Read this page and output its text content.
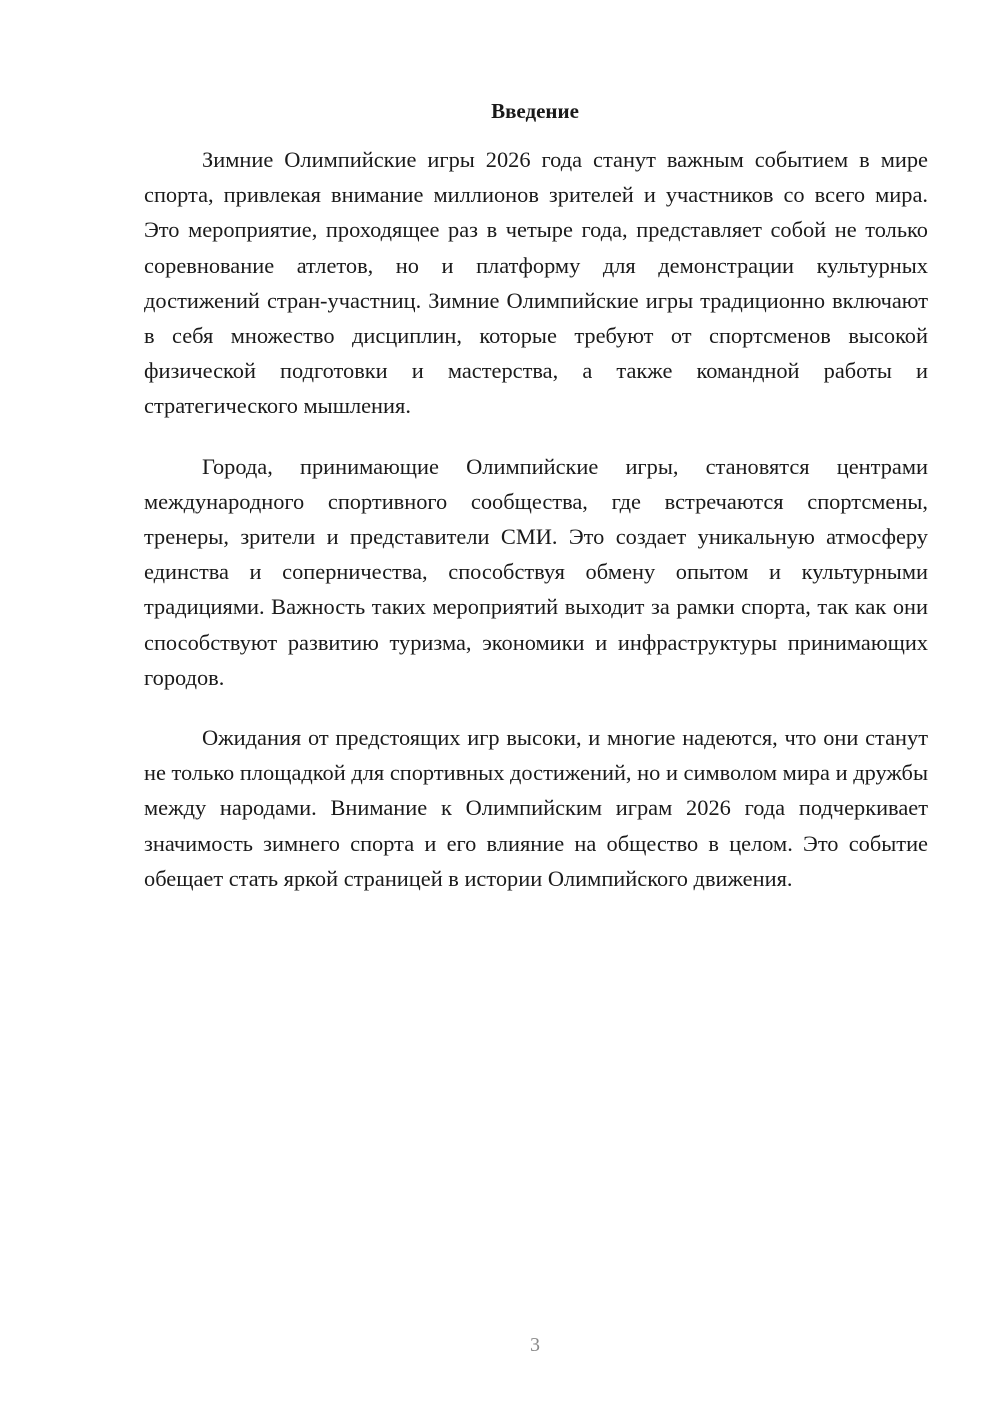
Введение

Зимние Олимпийские игры 2026 года станут важным событием в мире спорта, привлекая внимание миллионов зрителей и участников со всего мира. Это мероприятие, проходящее раз в четыре года, представляет собой не только соревнование атлетов, но и платформу для демонстрации культурных достижений стран-участниц. Зимние Олимпийские игры традиционно включают в себя множество дисциплин, которые требуют от спортсменов высокой физической подготовки и мастерства, а также командной работы и стратегического мышления.

Города, принимающие Олимпийские игры, становятся центрами международного спортивного сообщества, где встречаются спортсмены, тренеры, зрители и представители СМИ. Это создает уникальную атмосферу единства и соперничества, способствуя обмену опытом и культурными традициями. Важность таких мероприятий выходит за рамки спорта, так как они способствуют развитию туризма, экономики и инфраструктуры принимающих городов.

Ожидания от предстоящих игр высоки, и многие надеются, что они станут не только площадкой для спортивных достижений, но и символом мира и дружбы между народами. Внимание к Олимпийским играм 2026 года подчеркивает значимость зимнего спорта и его влияние на общество в целом. Это событие обещает стать яркой страницей в истории Олимпийского движения.

3
